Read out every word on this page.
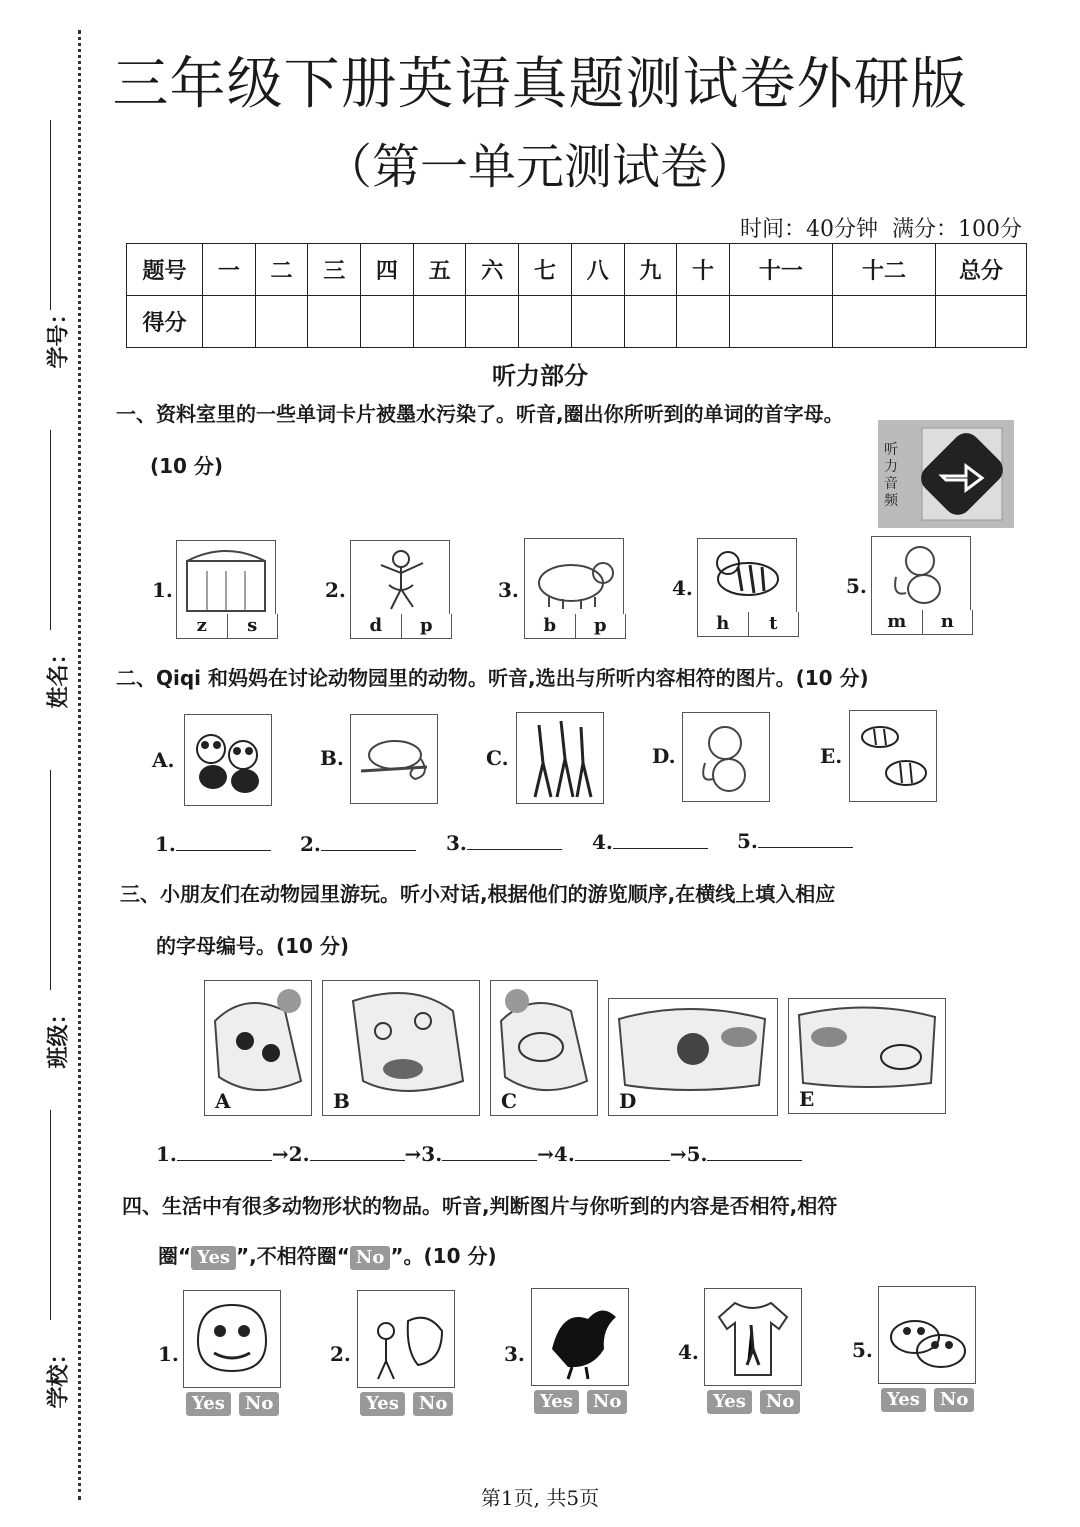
学号：
姓名：
班级：
学校：
三年级下册英语真题测试卷外研版
（第一单元测试卷）
时间：40分钟 满分：100分
题号	一	二	三	四	五	六	七	八	九	十	十一	十二	总分
得分													
听力部分
一、资料室里的一些单词卡片被墨水污染了。听音,圈出你所听到的单词的首字母。
(10 分)
听
力
音
频
1.
z	s
2.
d	p
3.
b	p
4.
h	t
5.
m	n
二、Qiqi 和妈妈在讨论动物园里的动物。听音,选出与所听内容相符的图片。(10 分)
A.	B.	C.	D.	E.
1.	2.	3.	4.	5.
三、小朋友们在动物园里游玩。听小对话,根据他们的游览顺序,在横线上填入相应
的字母编号。(10 分)
A	B	C	D	E
1.	→2.	→3.	→4.	→5.
四、生活中有很多动物形状的物品。听音,判断图片与你听到的内容是否相符,相符
圈“ Yes ”,不相符圈“ No ”。(10 分)
1.
Yes	No
2.
Yes	No
3.
Yes	No
4.
Yes	No
5.
Yes	No
第1页, 共5页
